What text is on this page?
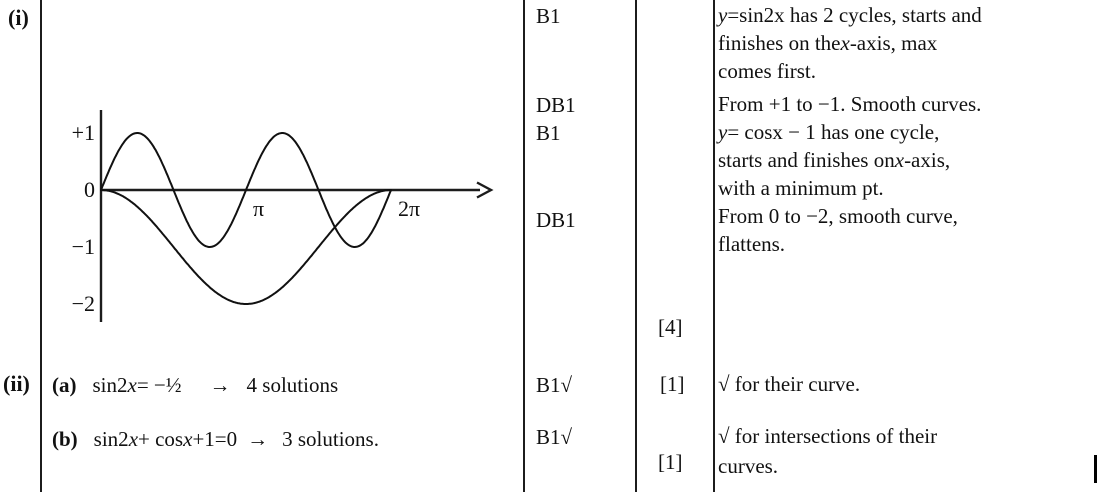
(i)
(ii)
π	2π
+1
0
−1
−2
(a) sin2x= −½ → 4 solutions
(b) sin2x+ cosx+1=0 → 3 solutions.
B1
DB1
B1
DB1
B1√
B1√
[4]
[1]
[1]
y=sin2x has 2 cycles, starts and
finishes on thex-axis, max
comes first.
From +1 to −1. Smooth curves.
y= cosx − 1 has one cycle,
starts and finishes onx-axis,
with a minimum pt.
From 0 to −2, smooth curve,
flattens.
√ for their curve.
√ for intersections of their
curves.
